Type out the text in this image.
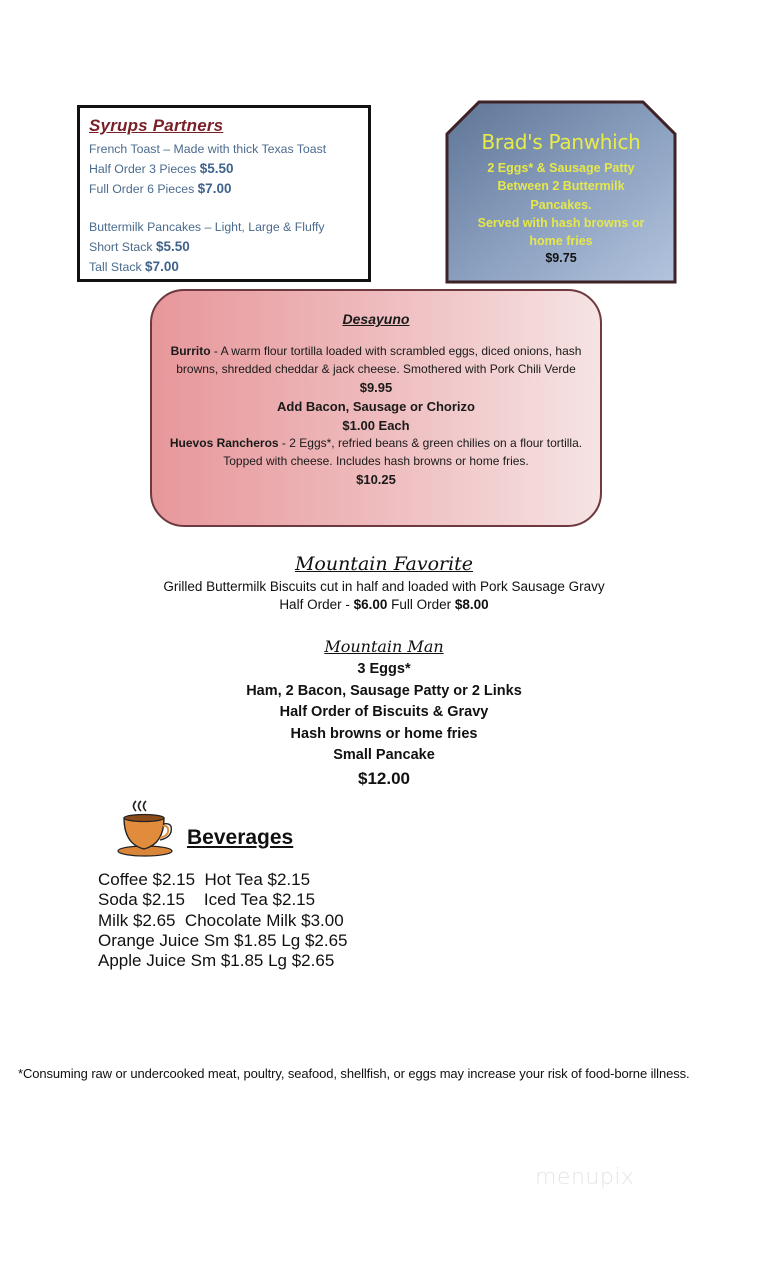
Syrups Partners
French Toast – Made with thick Texas Toast
Half Order 3 Pieces $5.50
Full Order 6 Pieces $7.00
Buttermilk Pancakes – Light, Large & Fluffy
Short Stack $5.50
Tall Stack $7.00
Brad's Panwhich
2 Eggs* & Sausage Patty
Between 2 Buttermilk
Pancakes.
Served with hash browns or
home fries
$9.75
Desayuno
Burrito - A warm flour tortilla loaded with scrambled eggs, diced onions, hash browns, shredded cheddar & jack cheese. Smothered with Pork Chili Verde
$9.95
Add Bacon, Sausage or Chorizo
$1.00 Each
Huevos Rancheros - 2 Eggs*, refried beans & green chilies on a flour tortilla. Topped with cheese. Includes hash browns or home fries.
$10.25
Mountain Favorite
Grilled Buttermilk Biscuits cut in half and loaded with Pork Sausage Gravy
Half Order - $6.00 Full Order $8.00
Mountain Man
3 Eggs*
Ham, 2 Bacon, Sausage Patty or 2 Links
Half Order of Biscuits & Gravy
Hash browns or home fries
Small Pancake
$12.00
Beverages
Coffee $2.15  Hot Tea $2.15
Soda $2.15    Iced Tea $2.15
Milk $2.65  Chocolate Milk $3.00
Orange Juice Sm $1.85 Lg $2.65
Apple Juice Sm $1.85 Lg $2.65
*Consuming raw or undercooked meat, poultry, seafood, shellfish, or eggs may increase your risk of food-borne illness.
menupix
